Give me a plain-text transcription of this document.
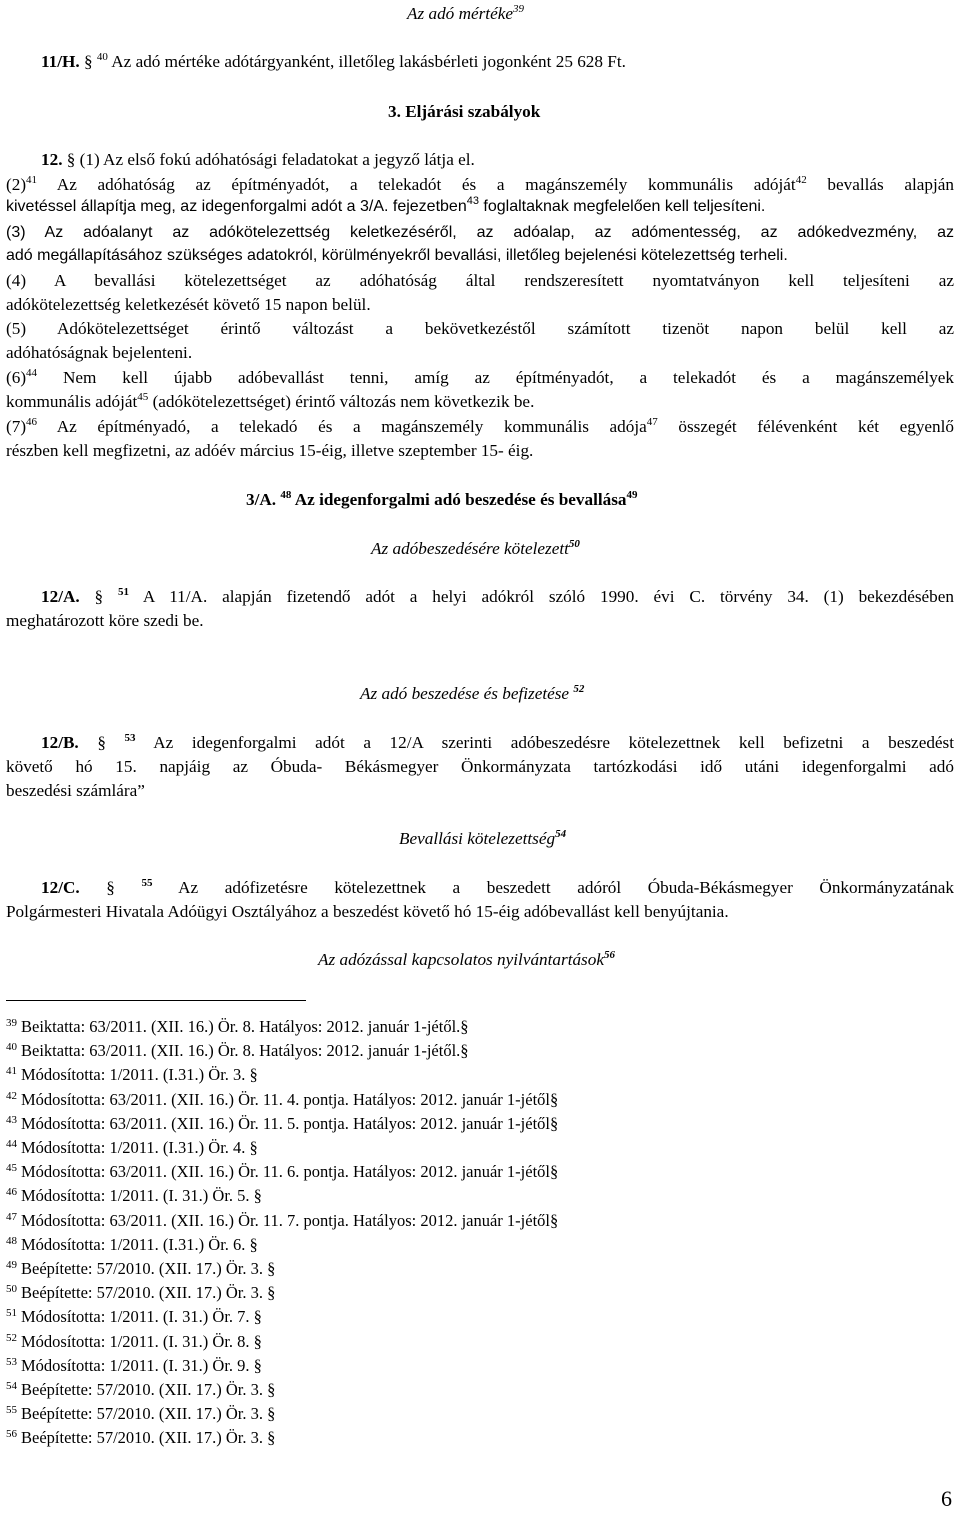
Az adó mértéke$^{39}$
11/H. § $^{40}$ Az adó mértéke adótárgyanként, illetőleg lakásbérleti jogonként 25 628 Ft.
3. Eljárási szabályok
12. § (1) Az első fokú adóhatósági feladatokat a jegyző látja el.
$(2)^{41}$ Az adóhatóság az építményadót, a telekadót és a magánszemély kommunális adóját$^{42}$ bevallás alapján
kivetéssel állapítja meg, az idegenforgalmi adót a 3/A. fejezetben$^{43}$ foglaltaknak megfelelően kell teljesíteni.
(3) Az adóalanyt az adókötelezettség keletkezéséről, az adóalap, az adómentesség, az adókedvezmény, az
adó megállapításához szükséges adatokról, körülményekről bevallási, illetőleg bejelenési kötelezettség terheli.
(4) A bevallási kötelezettséget az adóhatóság által rendszeresített nyomtatványon kell teljesíteni az
adókötelezettség keletkezését követő 15 napon belül.
(5) Adókötelezettséget érintő változást a bekövetkezéstől számított tizenöt napon belül kell az
adóhatóságnak bejelenteni.
$(6)^{44}$ Nem kell újabb adóbevallást tenni, amíg az építményadót, a telekadót és a magánszemélyek
kommunális adóját$^{45}$ (adókötelezettséget) érintő változás nem következik be.
$(7)^{46}$ Az építményadó, a telekadó és a magánszemély kommunális adója$^{47}$ összegét félévenként két egyenlő
részben kell megfizetni, az adóév március 15-éig, illetve szeptember 15- éig.
3/A. $^{48}$ Az idegenforgalmi adó beszedése és bevallása$^{49}$
Az adóbeszedésére kötelezett$^{50}$
12/A. § $^{51}$ A 11/A. alapján fizetendő adót a helyi adókról szóló 1990. évi C. törvény 34. (1) bekezdésében
meghatározott köre szedi be.
Az adó beszedése és befizetése $^{52}$
12/B. § $^{53}$ Az idegenforgalmi adót a 12/A szerinti adóbeszedésre kötelezettnek kell befizetni a beszedést
követő hó 15. napjáig az Óbuda- Békásmegyer Önkormányzata tartózkodási idő utáni idegenforgalmi adó
beszedési számlára”
Bevallási kötelezettség$^{54}$
12/C. § $^{55}$ Az adófizetésre kötelezettnek a beszedett adóról Óbuda-Békásmegyer Önkormányzatának
Polgármesteri Hivatala Adóügyi Osztályához a beszedést követő hó 15-éig adóbevallást kell benyújtania.
Az adózással kapcsolatos nyilvántartások$^{56}$
$^{39}$ Beiktatta: 63/2011. (XII. 16.) Ör. 8. Hatályos: 2012. január 1-jétől.§
$^{40}$ Beiktatta: 63/2011. (XII. 16.) Ör. 8. Hatályos: 2012. január 1-jétől.§
$^{41}$ Módosította: 1/2011. (I.31.) Ör. 3. §
$^{42}$ Módosította: 63/2011. (XII. 16.) Ör. 11. 4. pontja. Hatályos: 2012. január 1-jétől§
$^{43}$ Módosította: 63/2011. (XII. 16.) Ör. 11. 5. pontja. Hatályos: 2012. január 1-jétől§
$^{44}$ Módosította: 1/2011. (I.31.) Ör. 4. §
$^{45}$ Módosította: 63/2011. (XII. 16.) Ör. 11. 6. pontja. Hatályos: 2012. január 1-jétől§
$^{46}$ Módosította: 1/2011. (I. 31.) Ör. 5. §
$^{47}$ Módosította: 63/2011. (XII. 16.) Ör. 11. 7. pontja. Hatályos: 2012. január 1-jétől§
$^{48}$ Módosította: 1/2011. (I.31.) Ör. 6. §
$^{49}$ Beépítette: 57/2010. (XII. 17.) Ör. 3. §
$^{50}$ Beépítette: 57/2010. (XII. 17.) Ör. 3. §
$^{51}$ Módosította: 1/2011. (I. 31.) Ör. 7. §
$^{52}$ Módosította: 1/2011. (I. 31.) Ör. 8. §
$^{53}$ Módosította: 1/2011. (I. 31.) Ör. 9. §
$^{54}$ Beépítette: 57/2010. (XII. 17.) Ör. 3. §
$^{55}$ Beépítette: 57/2010. (XII. 17.) Ör. 3. §
$^{56}$ Beépítette: 57/2010. (XII. 17.) Ör. 3. §
6
